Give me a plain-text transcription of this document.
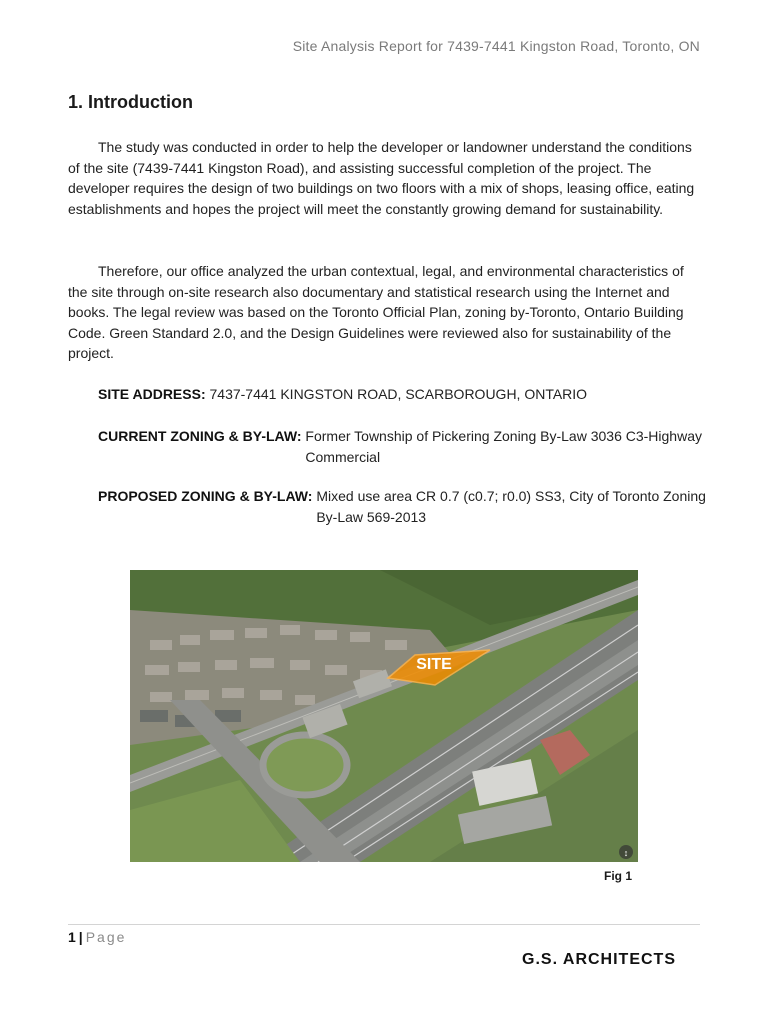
Site Analysis Report for 7439-7441 Kingston Road, Toronto, ON
1. Introduction

The study was conducted in order to help the developer or landowner understand the conditions of the site (7439-7441 Kingston Road), and assisting successful completion of the project. The developer requires the design of two buildings on two floors with a mix of shops, leasing office, eating establishments and hopes the project will meet the constantly growing demand for sustainability.

Therefore, our office analyzed the urban contextual, legal, and environmental characteristics of the site through on-site research also documentary and statistical research using the Internet and books. The legal review was based on the Toronto Official Plan, zoning by-Toronto, Ontario Building Code. Green Standard 2.0, and the Design Guidelines were reviewed also for sustainability of the project.

SITE ADDRESS: 7437-7441 KINGSTON ROAD, SCARBOROUGH, ONTARIO
CURRENT ZONING & BY-LAW:
Former Township of Pickering Zoning By-Law 3036 C3-Highway Commercial
PROPOSED ZONING & BY-LAW:
Mixed use area CR 0.7 (c0.7; r0.0) SS3, City of Toronto Zoning By-Law 569-2013
SITE
↕
Fig 1
1 | Page
G.S. ARCHITECTS
